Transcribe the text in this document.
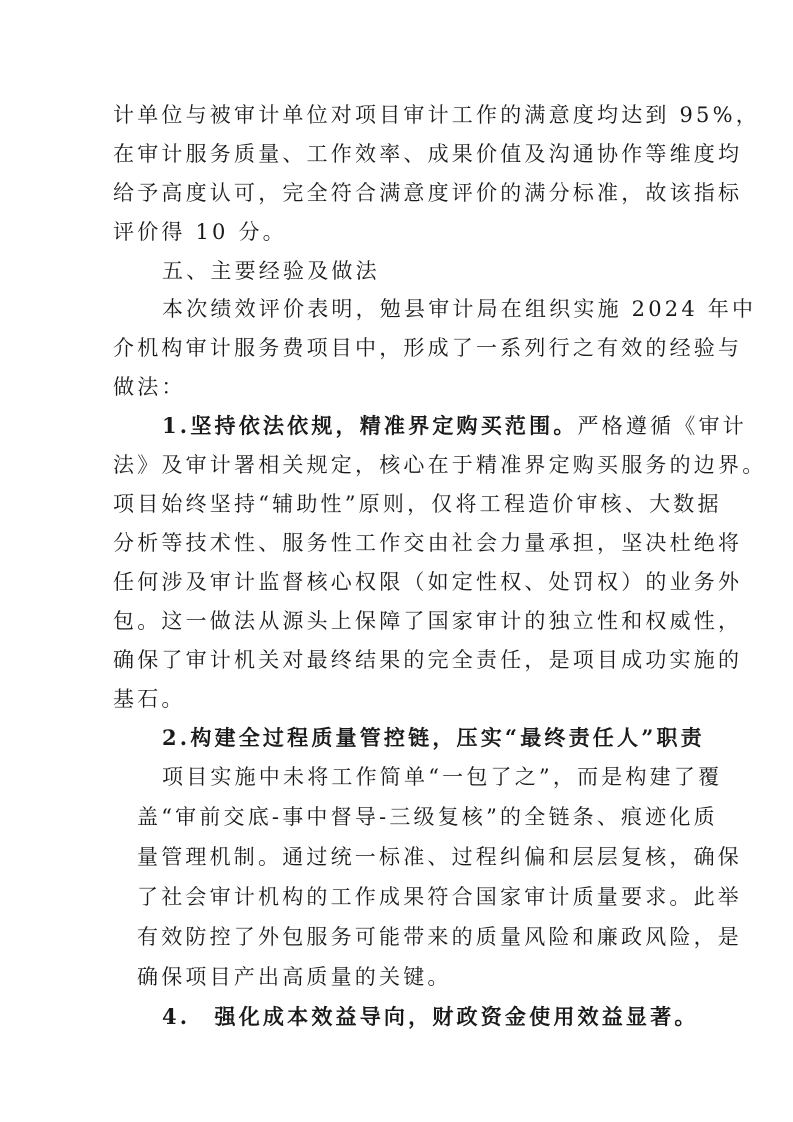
计单位与被审计单位对项目审计工作的满意度均达到 95%，
在审计服务质量、工作效率、成果价值及沟通协作等维度均
给予高度认可，完全符合满意度评价的满分标准，故该指标
评价得 10 分。
五、主要经验及做法
本次绩效评价表明，勉县审计局在组织实施 2024 年中
介机构审计服务费项目中，形成了一系列行之有效的经验与
做法：
1.坚持依法依规，精准界定购买范围。严格遵循《审计
法》及审计署相关规定，核心在于精准界定购买服务的边界。
项目始终坚持“辅助性”原则，仅将工程造价审核、大数据
分析等技术性、服务性工作交由社会力量承担，坚决杜绝将
任何涉及审计监督核心权限（如定性权、处罚权）的业务外
包。这一做法从源头上保障了国家审计的独立性和权威性，
确保了审计机关对最终结果的完全责任，是项目成功实施的
基石。
2.构建全过程质量管控链，压实“最终责任人”职责
项目实施中未将工作简单“一包了之”，而是构建了覆
盖“审前交底-事中督导-三级复核”的全链条、痕迹化质
量管理机制。通过统一标准、过程纠偏和层层复核，确保
了社会审计机构的工作成果符合国家审计质量要求。此举
有效防控了外包服务可能带来的质量风险和廉政风险，是
确保项目产出高质量的关键。
4.　强化成本效益导向，财政资金使用效益显著。
